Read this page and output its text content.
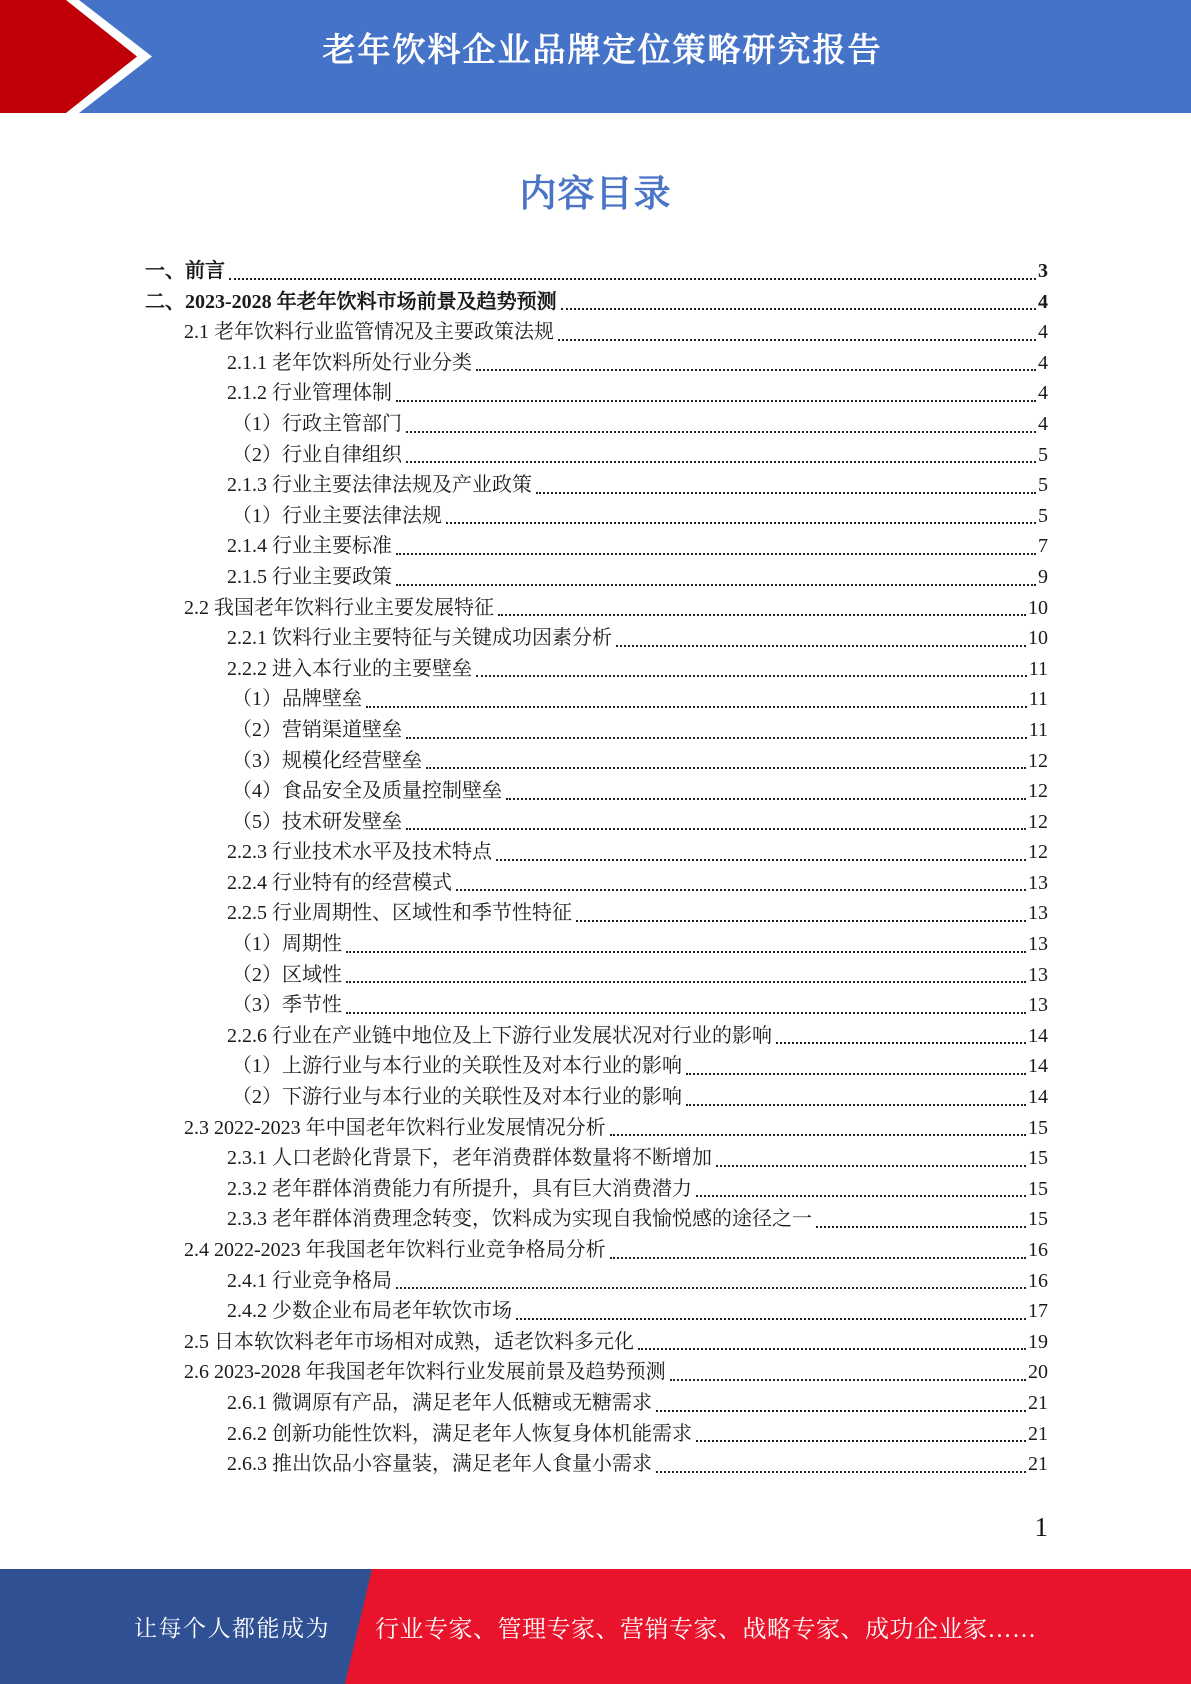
老年饮料企业品牌定位策略研究报告
内容目录
一、前言	3
二、2023-2028 年老年饮料市场前景及趋势预测	4
2.1 老年饮料行业监管情况及主要政策法规	4
2.1.1 老年饮料所处行业分类	4
2.1.2 行业管理体制	4
（1）行政主管部门	4
（2）行业自律组织	5
2.1.3 行业主要法律法规及产业政策	5
（1）行业主要法律法规	5
2.1.4 行业主要标准	7
2.1.5 行业主要政策	9
2.2 我国老年饮料行业主要发展特征	10
2.2.1 饮料行业主要特征与关键成功因素分析	10
2.2.2 进入本行业的主要壁垒	11
（1）品牌壁垒	11
（2）营销渠道壁垒	11
（3）规模化经营壁垒	12
（4）食品安全及质量控制壁垒	12
（5）技术研发壁垒	12
2.2.3 行业技术水平及技术特点	12
2.2.4 行业特有的经营模式	13
2.2.5 行业周期性、区域性和季节性特征	13
（1）周期性	13
（2）区域性	13
（3）季节性	13
2.2.6 行业在产业链中地位及上下游行业发展状况对行业的影响	14
（1）上游行业与本行业的关联性及对本行业的影响	14
（2）下游行业与本行业的关联性及对本行业的影响	14
2.3 2022-2023 年中国老年饮料行业发展情况分析	15
2.3.1 人口老龄化背景下，老年消费群体数量将不断增加	15
2.3.2 老年群体消费能力有所提升，具有巨大消费潜力	15
2.3.3 老年群体消费理念转变，饮料成为实现自我愉悦感的途径之一	15
2.4 2022-2023 年我国老年饮料行业竞争格局分析	16
2.4.1 行业竞争格局	16
2.4.2 少数企业布局老年软饮市场	17
2.5 日本软饮料老年市场相对成熟，适老饮料多元化	19
2.6 2023-2028 年我国老年饮料行业发展前景及趋势预测	20
2.6.1 微调原有产品，满足老年人低糖或无糖需求	21
2.6.2 创新功能性饮料，满足老年人恢复身体机能需求	21
2.6.3 推出饮品小容量装，满足老年人食量小需求	21
1
让每个人都能成为 行业专家、管理专家、营销专家、战略专家、成功企业家……
